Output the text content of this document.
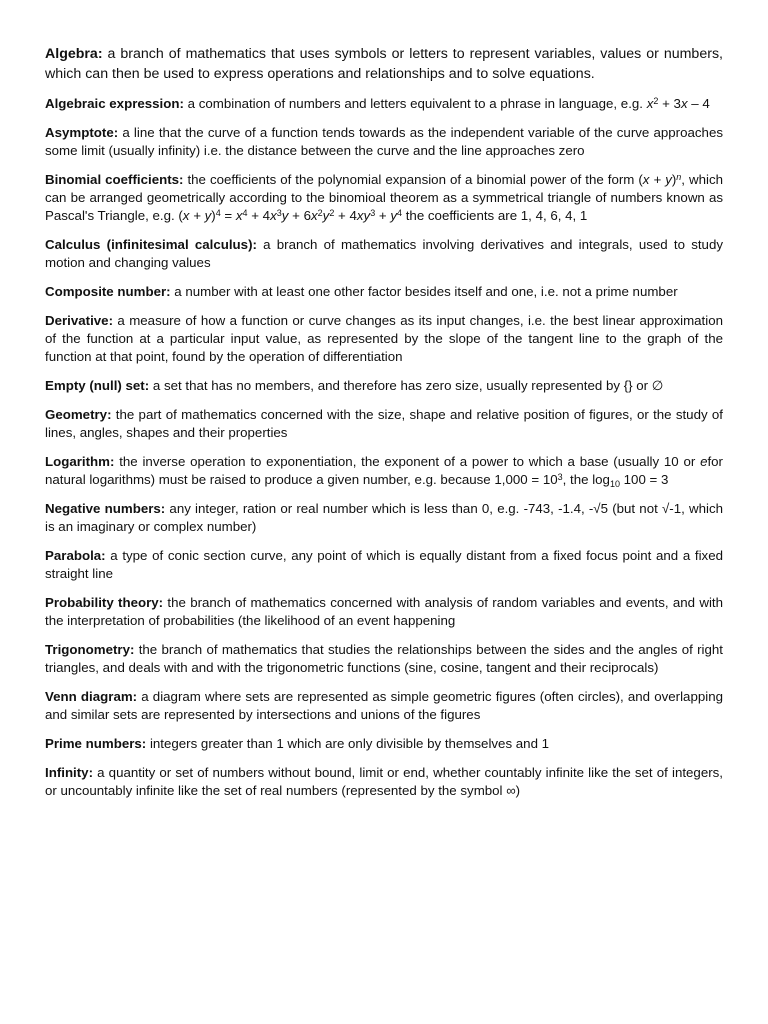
Algebra: a branch of mathematics that uses symbols or letters to represent variables, values or numbers, which can then be used to express operations and relationships and to solve equations.

Algebraic expression: a combination of numbers and letters equivalent to a phrase in language, e.g. $x^2 + 3x - 4$

Asymptote: a line that the curve of a function tends towards as the independent variable of the curve approaches some limit (usually infinity) i.e. the distance between the curve and the line approaches zero

Binomial coefficients: the coefficients of the polynomial expansion of a binomial power of the form $(x + y)^n$, which can be arranged geometrically according to the binomioal theorem as a symmetrical triangle of numbers known as Pascal's Triangle, e.g. $(x + y)^4 = x^4 + 4x^3y + 6x^2y^2 + 4xy^3 + y^4$ the coefficients are 1, 4, 6, 4, 1

Calculus (infinitesimal calculus): a branch of mathematics involving derivatives and integrals, used to study motion and changing values

Composite number: a number with at least one other factor besides itself and one, i.e. not a prime number

Derivative: a measure of how a function or curve changes as its input changes, i.e. the best linear approximation of the function at a particular input value, as represented by the slope of the tangent line to the graph of the function at that point, found by the operation of differentiation

Empty (null) set: a set that has no members, and therefore has zero size, usually represented by {} or ∅

Geometry: the part of mathematics concerned with the size, shape and relative position of figures, or the study of lines, angles, shapes and their properties

Logarithm: the inverse operation to exponentiation, the exponent of a power to which a base (usually 10 or efor natural logarithms) must be raised to produce a given number, e.g. because $1,000 = 10^3$, the $\log_{10} 100 = 3$

Negative numbers: any integer, ration or real number which is less than 0, e.g. -743, -1.4, -√5 (but not √-1, which is an imaginary or complex number)

Parabola: a type of conic section curve, any point of which is equally distant from a fixed focus point and a fixed straight line

Probability theory: the branch of mathematics concerned with analysis of random variables and events, and with the interpretation of probabilities (the likelihood of an event happening

Trigonometry: the branch of mathematics that studies the relationships between the sides and the angles of right triangles, and deals with and with the trigonometric functions (sine, cosine, tangent and their reciprocals)

Venn diagram: a diagram where sets are represented as simple geometric figures (often circles), and overlapping and similar sets are represented by intersections and unions of the figures

Prime numbers: integers greater than 1 which are only divisible by themselves and 1

Infinity: a quantity or set of numbers without bound, limit or end, whether countably infinite like the set of integers, or uncountably infinite like the set of real numbers (represented by the symbol ∞)
